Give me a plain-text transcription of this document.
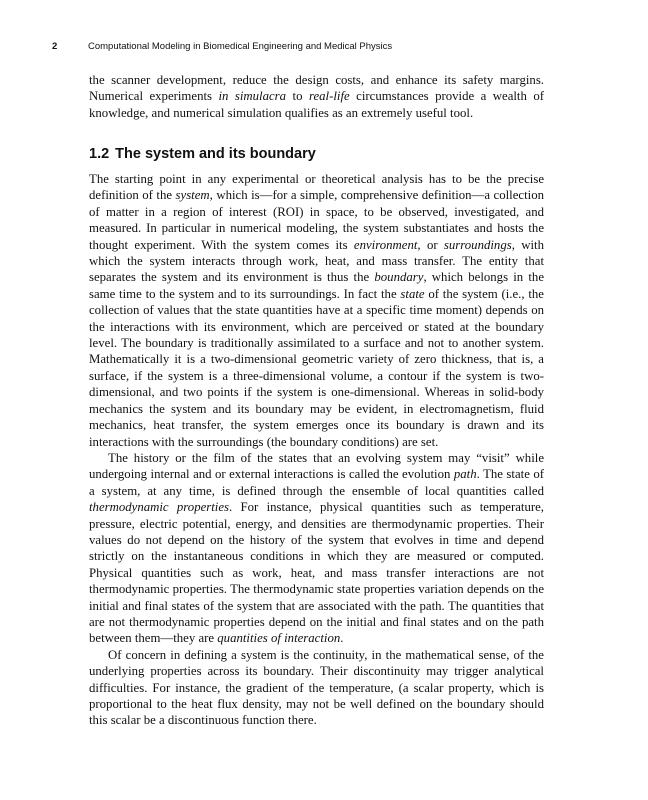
2	Computational Modeling in Biomedical Engineering and Medical Physics

the scanner development, reduce the design costs, and enhance its safety margins. Numerical experiments in simulacra to real-life circumstances provide a wealth of knowledge, and numerical simulation qualifies as an extremely useful tool.

1.2 The system and its boundary

The starting point in any experimental or theoretical analysis has to be the precise definition of the system, which is—for a simple, comprehensive definition—a collection of matter in a region of interest (ROI) in space, to be observed, investigated, and measured. In particular in numerical modeling, the system substantiates and hosts the thought experiment. With the system comes its environment, or surroundings, with which the system interacts through work, heat, and mass transfer. The entity that separates the system and its environment is thus the boundary, which belongs in the same time to the system and to its surroundings. In fact the state of the system (i.e., the collection of values that the state quantities have at a specific time moment) depends on the interactions with its environment, which are perceived or stated at the boundary level. The boundary is traditionally assimilated to a surface and not to another system. Mathematically it is a two-dimensional geometric variety of zero thickness, that is, a surface, if the system is a three-dimensional volume, a contour if the system is two-dimensional, and two points if the system is one-dimensional. Whereas in solid-body mechanics the system and its boundary may be evident, in electromagnetism, fluid mechanics, heat transfer, the system emerges once its boundary is drawn and its interactions with the surroundings (the boundary conditions) are set.

The history or the film of the states that an evolving system may “visit” while undergoing internal and or external interactions is called the evolution path. The state of a system, at any time, is defined through the ensemble of local quantities called thermodynamic properties. For instance, physical quantities such as temperature, pressure, electric potential, energy, and densities are thermodynamic properties. Their values do not depend on the history of the system that evolves in time and depend strictly on the instantaneous conditions in which they are measured or computed. Physical quantities such as work, heat, and mass transfer interactions are not thermodynamic properties. The thermodynamic state properties variation depends on the initial and final states of the system that are associated with the path. The quantities that are not thermodynamic properties depend on the initial and final states and on the path between them—they are quantities of interaction.

Of concern in defining a system is the continuity, in the mathematical sense, of the underlying properties across its boundary. Their discontinuity may trigger analytical difficulties. For instance, the gradient of the temperature, (a scalar property, which is proportional to the heat flux density, may not be well defined on the boundary should this scalar be a discontinuous function there.
